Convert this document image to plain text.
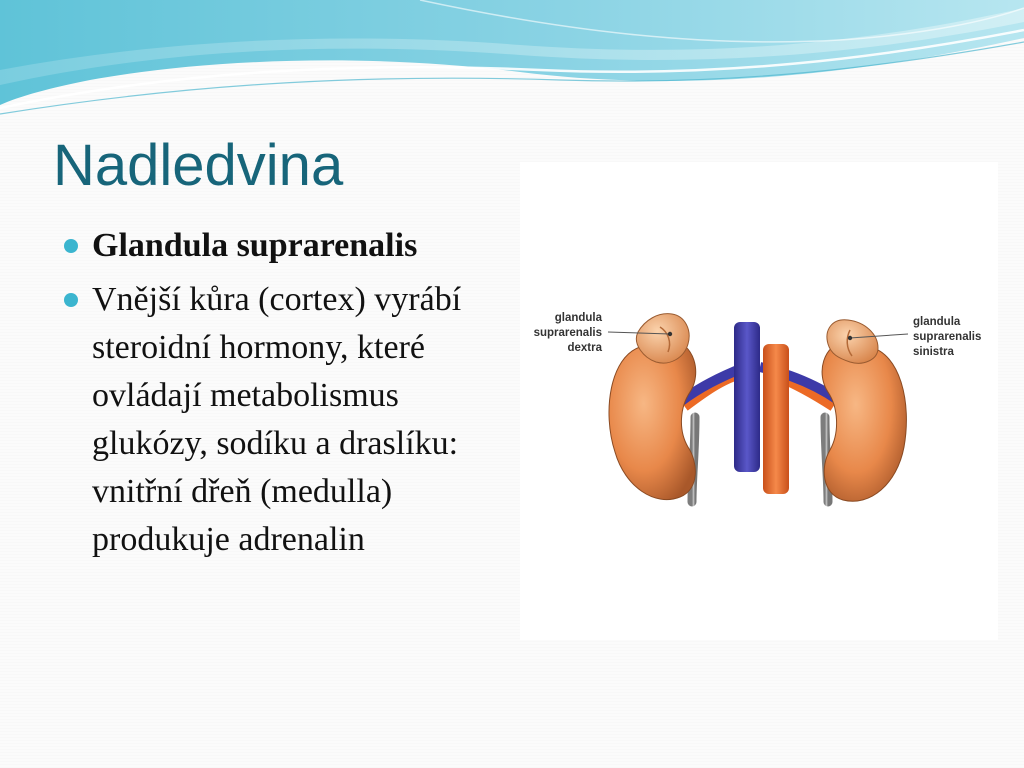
Nadledvina
Glandula suprarenalis
Vnější kůra (cortex) vyrábí steroidní hormony, které ovládají metabolismus glukózy, sodíku a draslíku: vnitřní dřeň (medulla) produkuje adrenalin
glandula
suprarenalis
dextra
glandula
suprarenalis
sinistra
